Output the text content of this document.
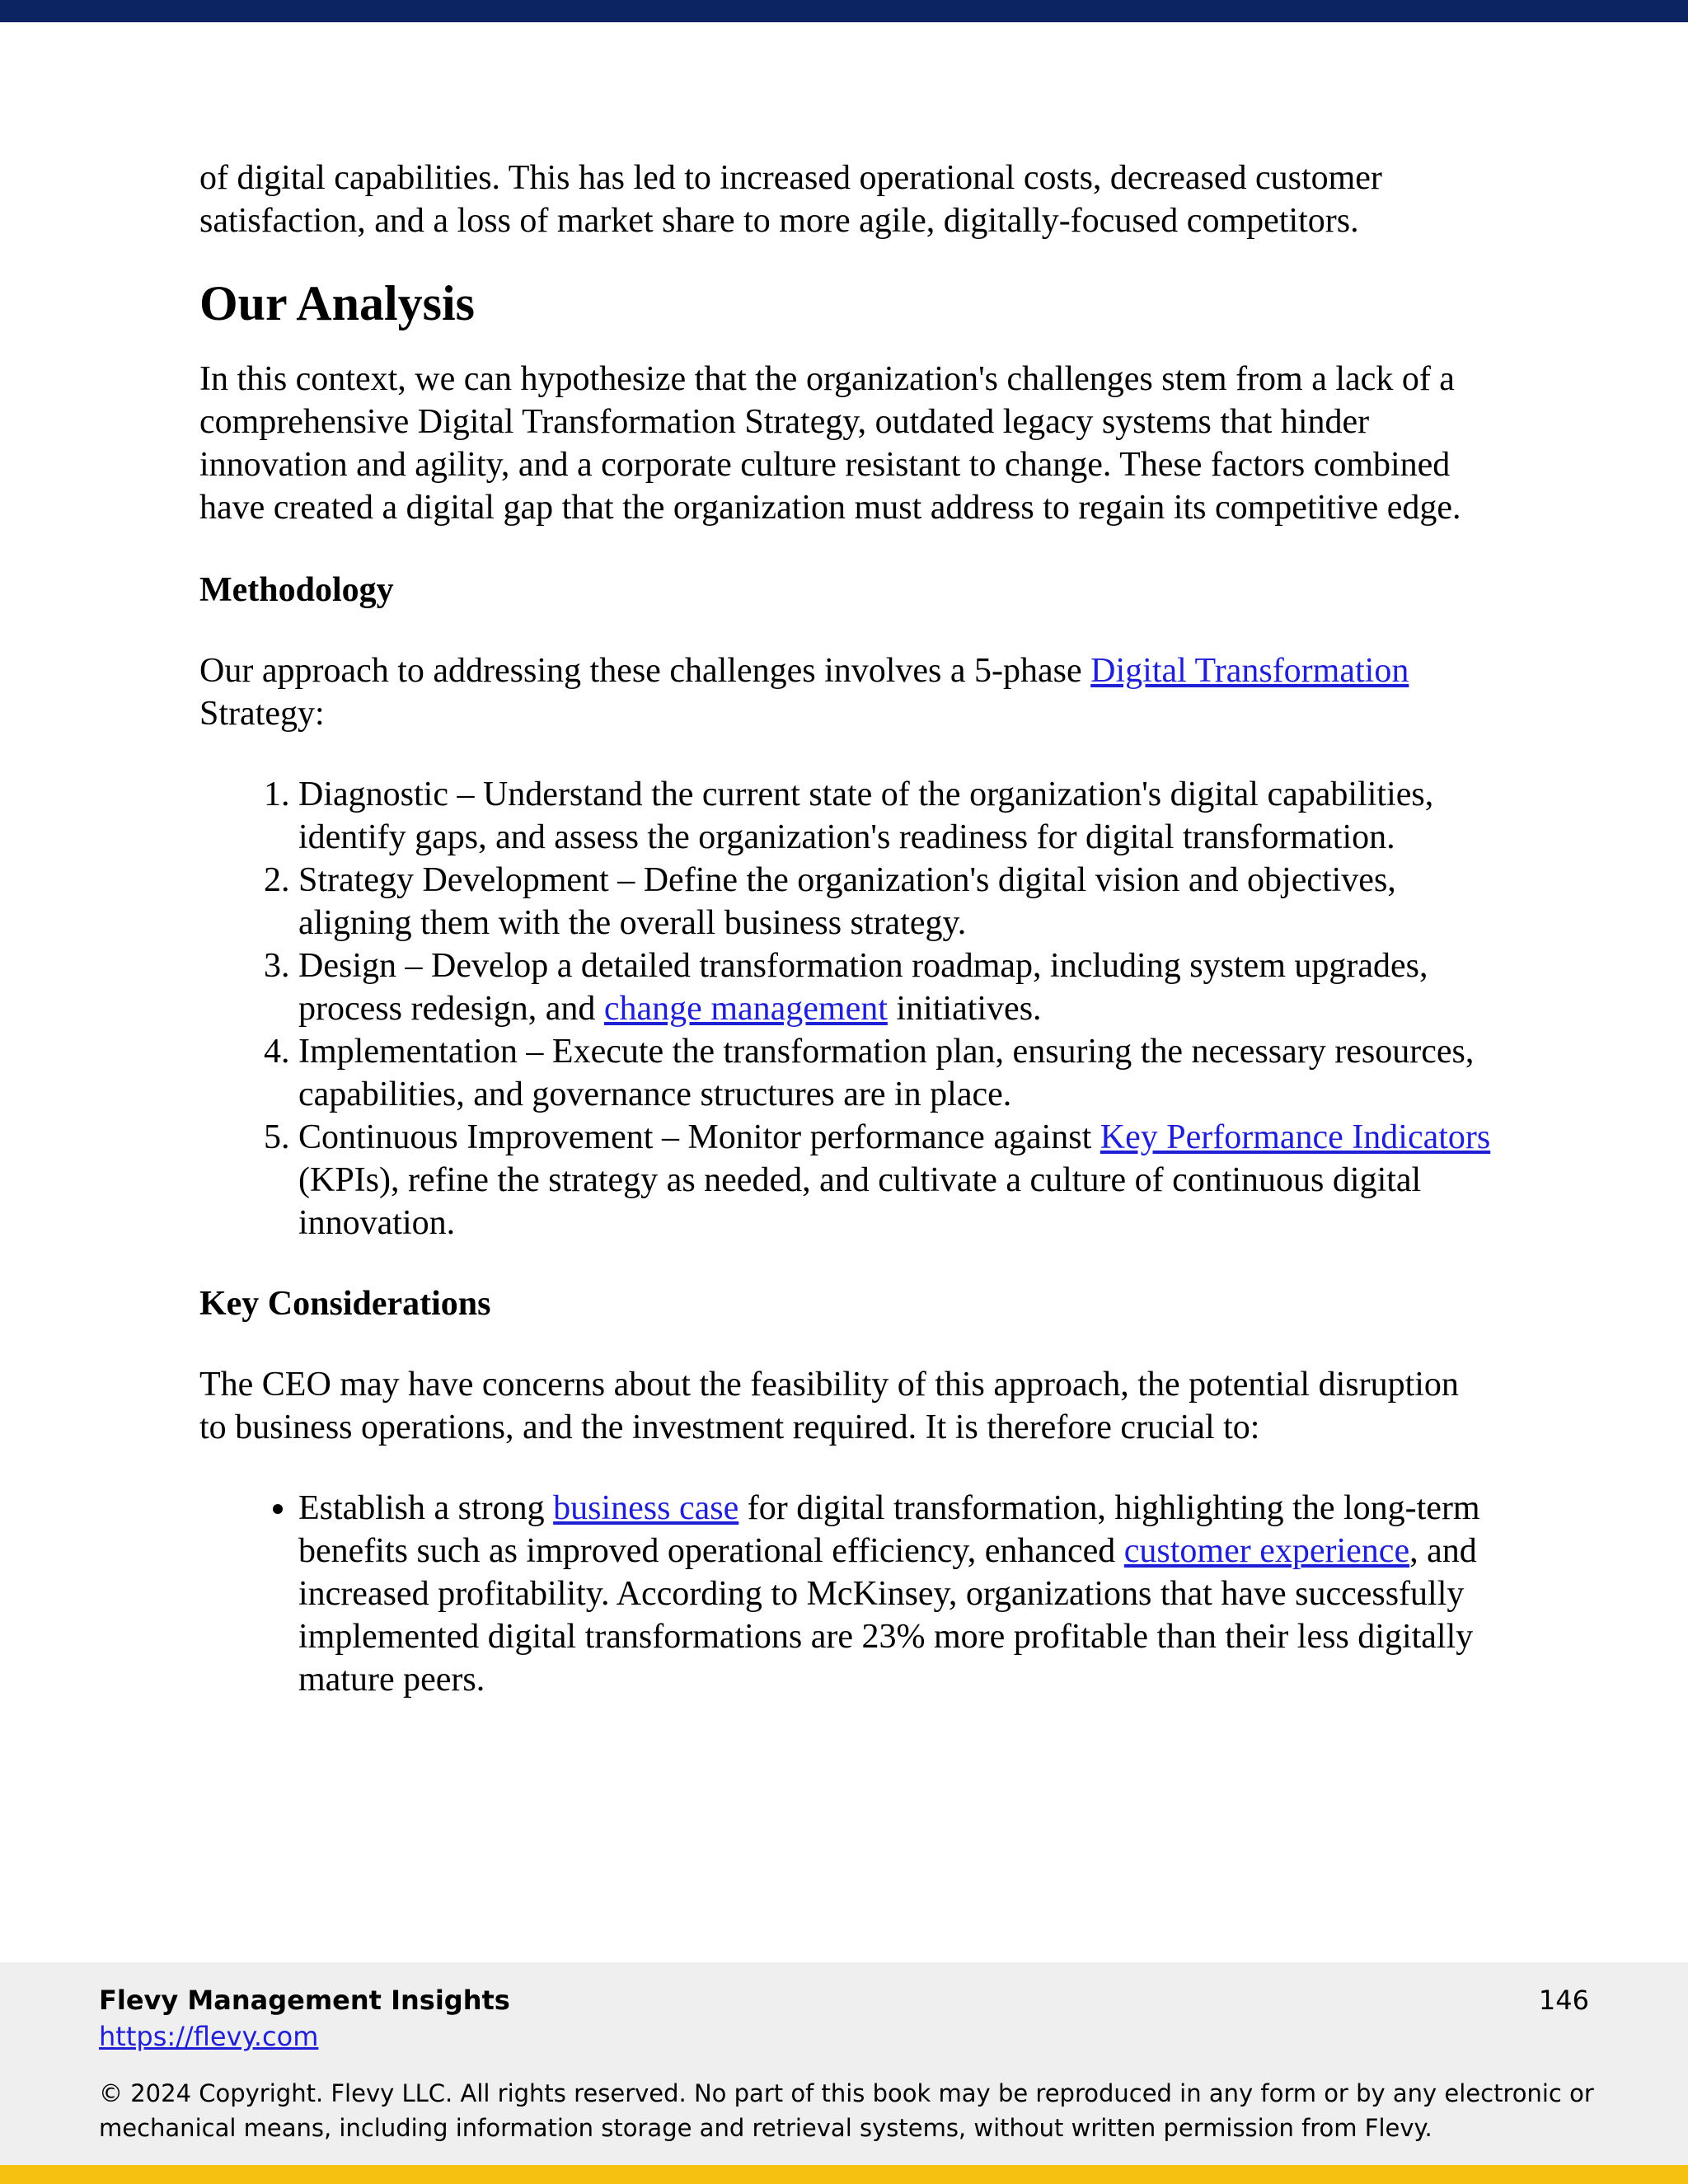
of digital capabilities. This has led to increased operational costs, decreased customer satisfaction, and a loss of market share to more agile, digitally-focused competitors.

Our Analysis

In this context, we can hypothesize that the organization's challenges stem from a lack of a comprehensive Digital Transformation Strategy, outdated legacy systems that hinder innovation and agility, and a corporate culture resistant to change. These factors combined have created a digital gap that the organization must address to regain its competitive edge.

Methodology

Our approach to addressing these challenges involves a 5-phase Digital Transformation Strategy:

1. Diagnostic – Understand the current state of the organization's digital capabilities, identify gaps, and assess the organization's readiness for digital transformation.
2. Strategy Development – Define the organization's digital vision and objectives, aligning them with the overall business strategy.
3. Design – Develop a detailed transformation roadmap, including system upgrades, process redesign, and change management initiatives.
4. Implementation – Execute the transformation plan, ensuring the necessary resources, capabilities, and governance structures are in place.
5. Continuous Improvement – Monitor performance against Key Performance Indicators (KPIs), refine the strategy as needed, and cultivate a culture of continuous digital innovation.
Key Considerations

The CEO may have concerns about the feasibility of this approach, the potential disruption to business operations, and the investment required. It is therefore crucial to:

• Establish a strong business case for digital transformation, highlighting the long-term benefits such as improved operational efficiency, enhanced customer experience, and increased profitability. According to McKinsey, organizations that have successfully implemented digital transformations are 23% more profitable than their less digitally mature peers.
Flevy Management Insights
https://flevy.com
146
© 2024 Copyright. Flevy LLC. All rights reserved. No part of this book may be reproduced in any form or by any electronic or mechanical means, including information storage and retrieval systems, without written permission from Flevy.
